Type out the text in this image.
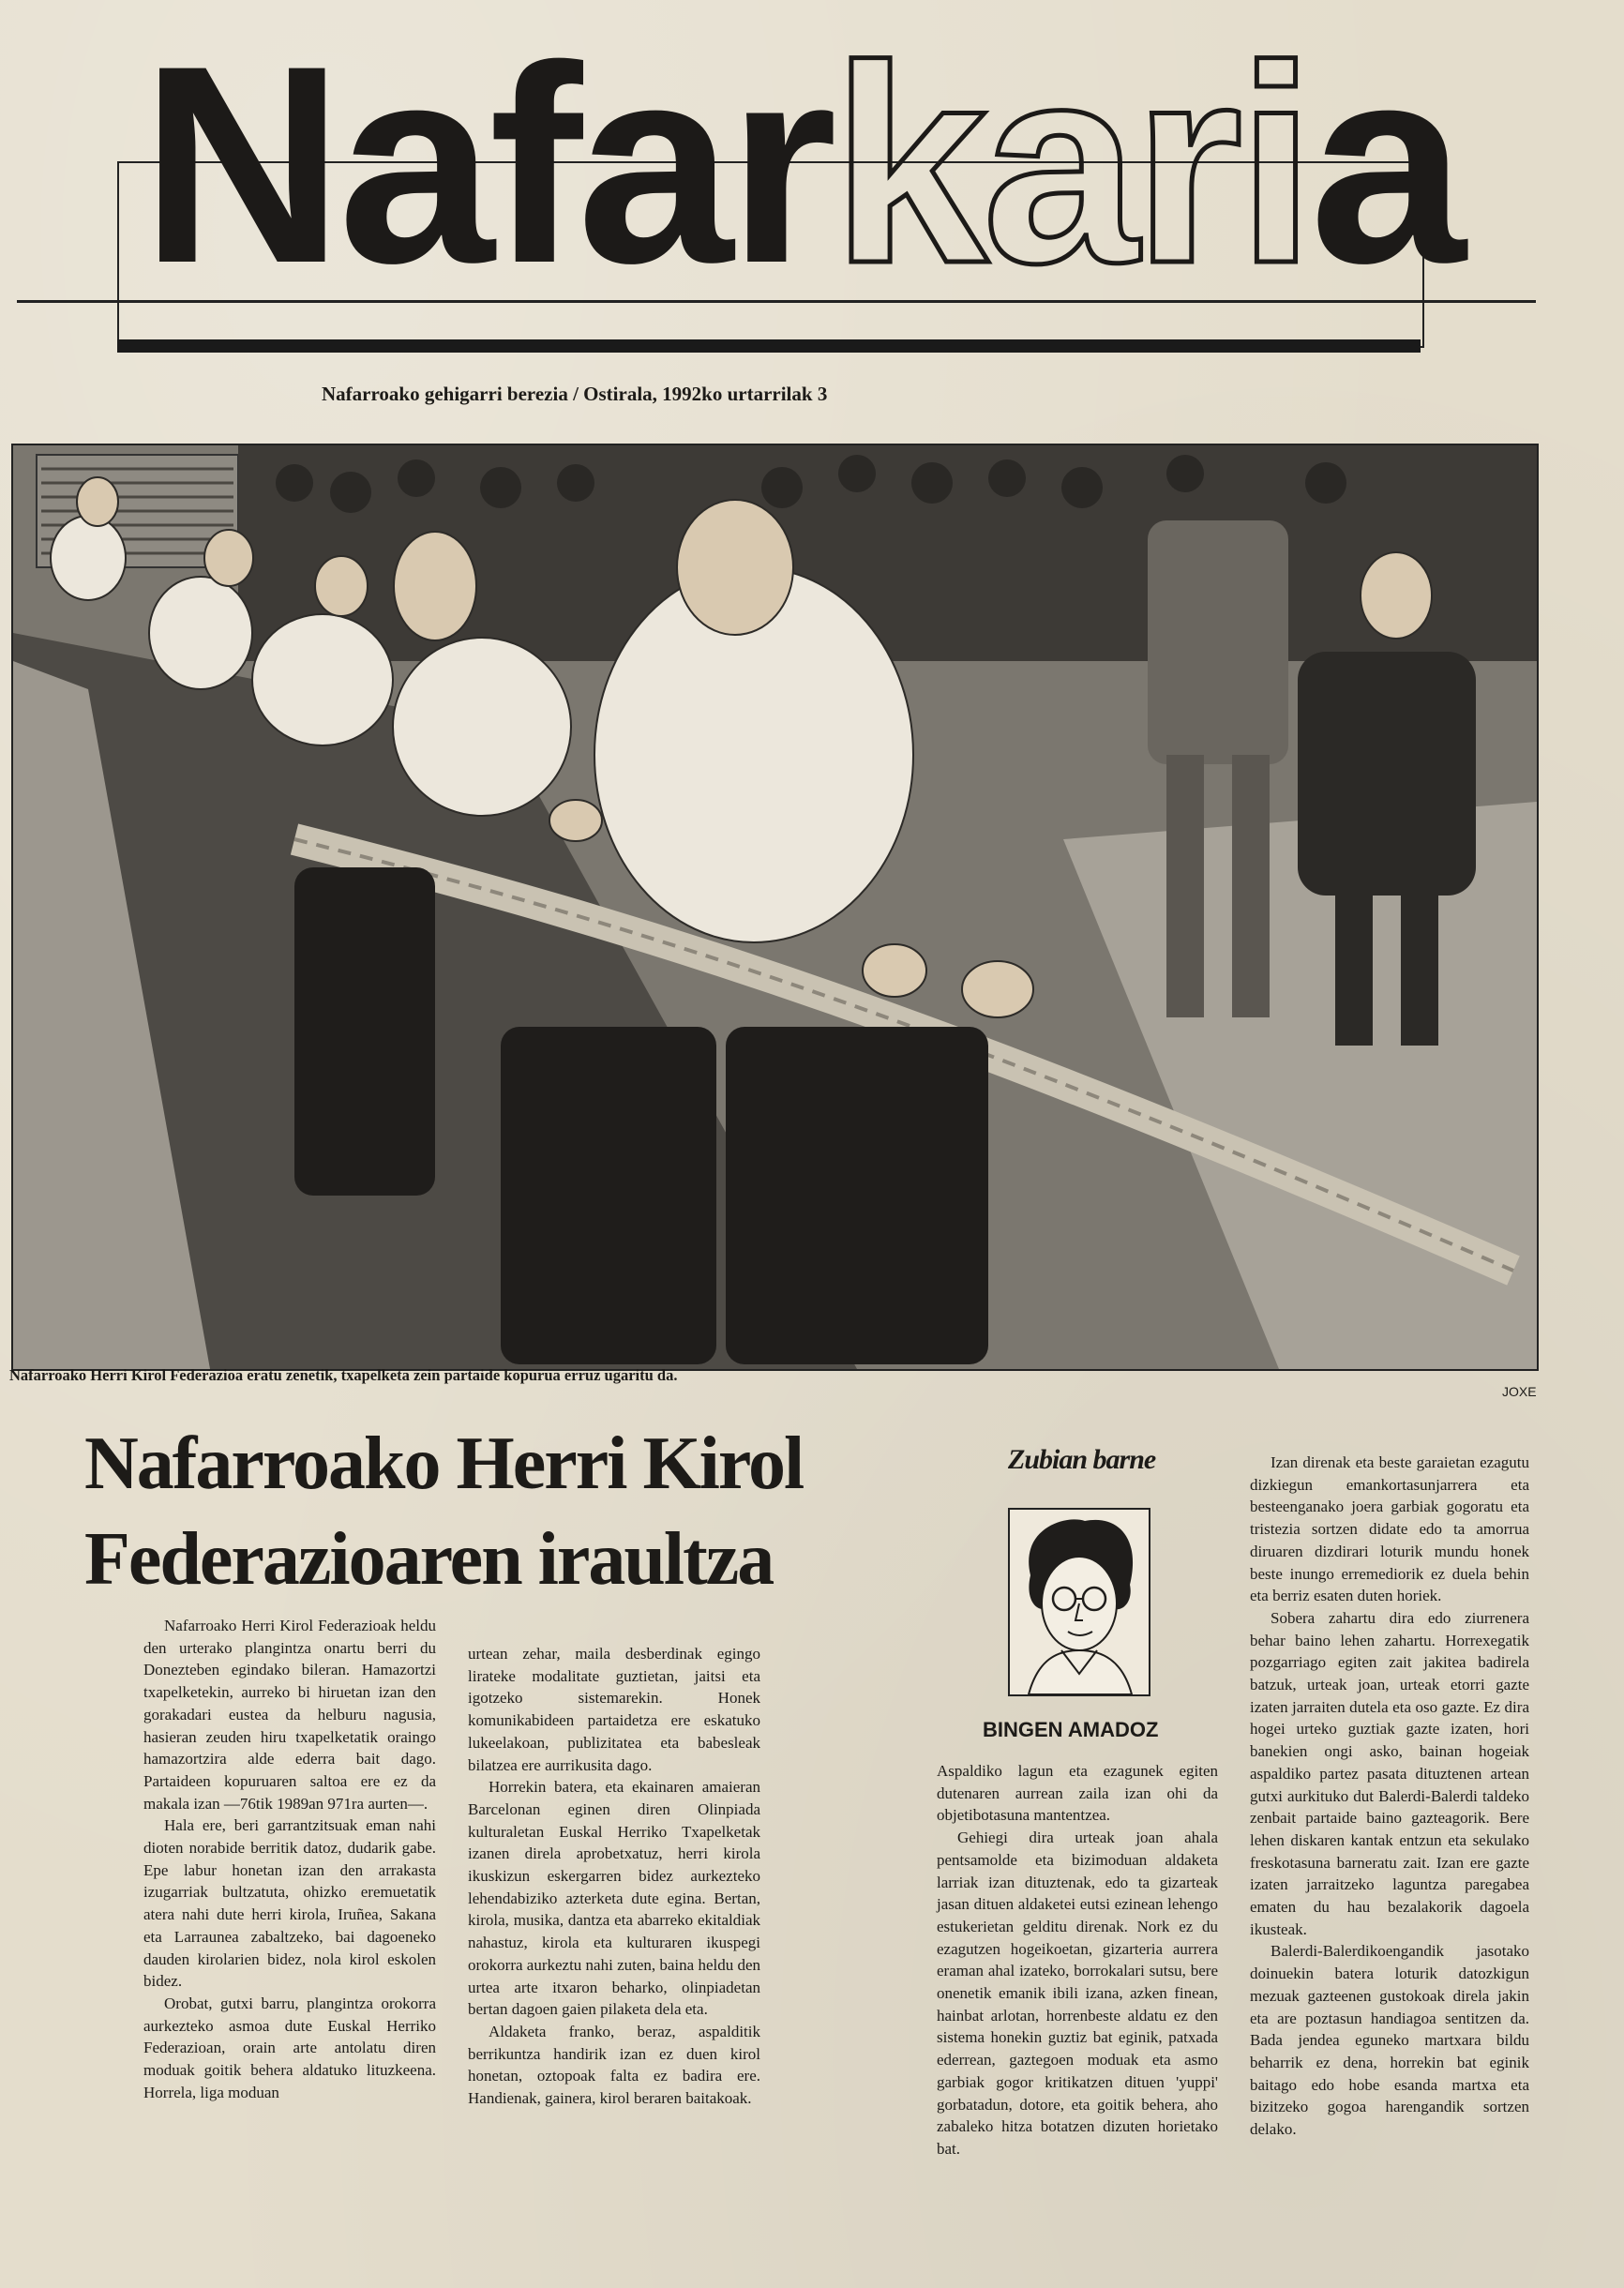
Nafarkaria
Nafarroako gehigarri berezia / Ostirala, 1992ko urtarrilak 3
Nafarroako Herri Kirol Federazioa eratu zenetik, txapelketa zein partaide kopurua erruz ugaritu da.
JOXE
Nafarroako Herri Kirol
Federazioaren iraultza

Nafarroako Herri Kirol Federazioak heldu den urterako plangintza onartu berri du Donezteben egindako bileran. Hamazortzi txapelketekin, aurreko bi hiruetan izan den gorakadari eustea da helburu nagusia, hasieran zeuden hiru txapelketatik oraingo hamazortzira alde ederra bait dago. Partaideen kopuruaren saltoa ere ez da makala izan —76tik 1989an 971ra aurten—.

Hala ere, beri garrantzitsuak eman nahi dioten norabide berritik datoz, dudarik gabe. Epe labur honetan izan den arrakasta izugarriak bultzatuta, ohizko eremuetatik atera nahi dute herri kirola, Iruñea, Sakana eta Larraunea zabaltzeko, bai dagoeneko dauden kirolarien bidez, nola kirol eskolen bidez.

Orobat, gutxi barru, plangintza orokorra aurkezteko asmoa dute Euskal Herriko Federazioan, orain arte antolatu diren moduak goitik behera aldatuko lituzkeena. Horrela, liga moduan

urtean zehar, maila desberdinak egingo lirateke modalitate guztietan, jaitsi eta igotzeko sistemarekin. Honek komunikabideen partaidetza ere eskatuko lukeelakoan, publizitatea eta babesleak bilatzea ere aurrikusita dago.

Horrekin batera, eta ekainaren amaieran Barcelonan eginen diren Olinpiada kulturaletan Euskal Herriko Txapelketak izanen direla aprobetxatuz, herri kirola ikuskizun eskergarren bidez aurkezteko lehendabiziko azterketa dute egina. Bertan, kirola, musika, dantza eta abarreko ekitaldiak nahastuz, kirola eta kulturaren ikuspegi orokorra aurkeztu nahi zuten, baina heldu den urtea arte itxaron beharko, olinpiadetan bertan dagoen gaien pilaketa dela eta.

Aldaketa franko, beraz, aspalditik berrikuntza handirik izan ez duen kirol honetan, oztopoak falta ez badira ere. Handienak, gainera, kirol beraren baitakoak.

Zubian barne
BINGEN AMADOZ

Aspaldiko lagun eta ezagunek egiten dutenaren aurrean zaila izan ohi da objetibotasuna mantentzea.

Gehiegi dira urteak joan ahala pentsamolde eta bizimoduan aldaketa larriak izan dituztenak, edo ta gizarteak jasan dituen aldaketei eutsi ezinean lehengo estukerietan gelditu direnak. Nork ez du ezagutzen hogeikoetan, gizarteria aurrera eraman ahal izateko, borrokalari sutsu, bere onenetik emanik ibili izana, azken finean, hainbat arlotan, horrenbeste aldatu ez den sistema honekin guztiz bat eginik, patxada ederrean, gaztegoen moduak eta asmo garbiak gogor kritikatzen dituen 'yuppi' gorbatadun, dotore, eta goitik behera, aho zabaleko hitza botatzen dizuten horietako bat.

Izan direnak eta beste garaietan ezagutu dizkiegun emankortasunjarrera eta besteenganako joera garbiak gogoratu eta tristezia sortzen didate edo ta amorrua diruaren dizdirari loturik mundu honek beste inungo erremediorik ez duela behin eta berriz esaten duten horiek.

Sobera zahartu dira edo ziurrenera behar baino lehen zahartu. Horrexegatik pozgarriago egiten zait jakitea badirela batzuk, urteak joan, urteak etorri gazte izaten jarraiten dutela eta oso gazte. Ez dira hogei urteko guztiak gazte izaten, hori banekien ongi asko, bainan hogeiak aspaldiko partez pasata dituztenen artean gutxi aurkituko dut Balerdi-Balerdi taldeko zenbait partaide baino gazteagorik. Bere lehen diskaren kantak entzun eta sekulako freskotasuna barneratu zait. Izan ere gazte izaten jarraitzeko laguntza paregabea ematen du hau bezalakorik dagoela ikusteak.

Balerdi-Balerdikoengandik jasotako doinuekin batera loturik datozkigun mezuak gazteenen gustokoak direla jakin eta are poztasun handiagoa sentitzen da. Bada jendea eguneko martxara bildu beharrik ez dena, horrekin bat eginik baitago edo hobe esanda martxa eta bizitzeko gogoa harengandik sortzen delako.
